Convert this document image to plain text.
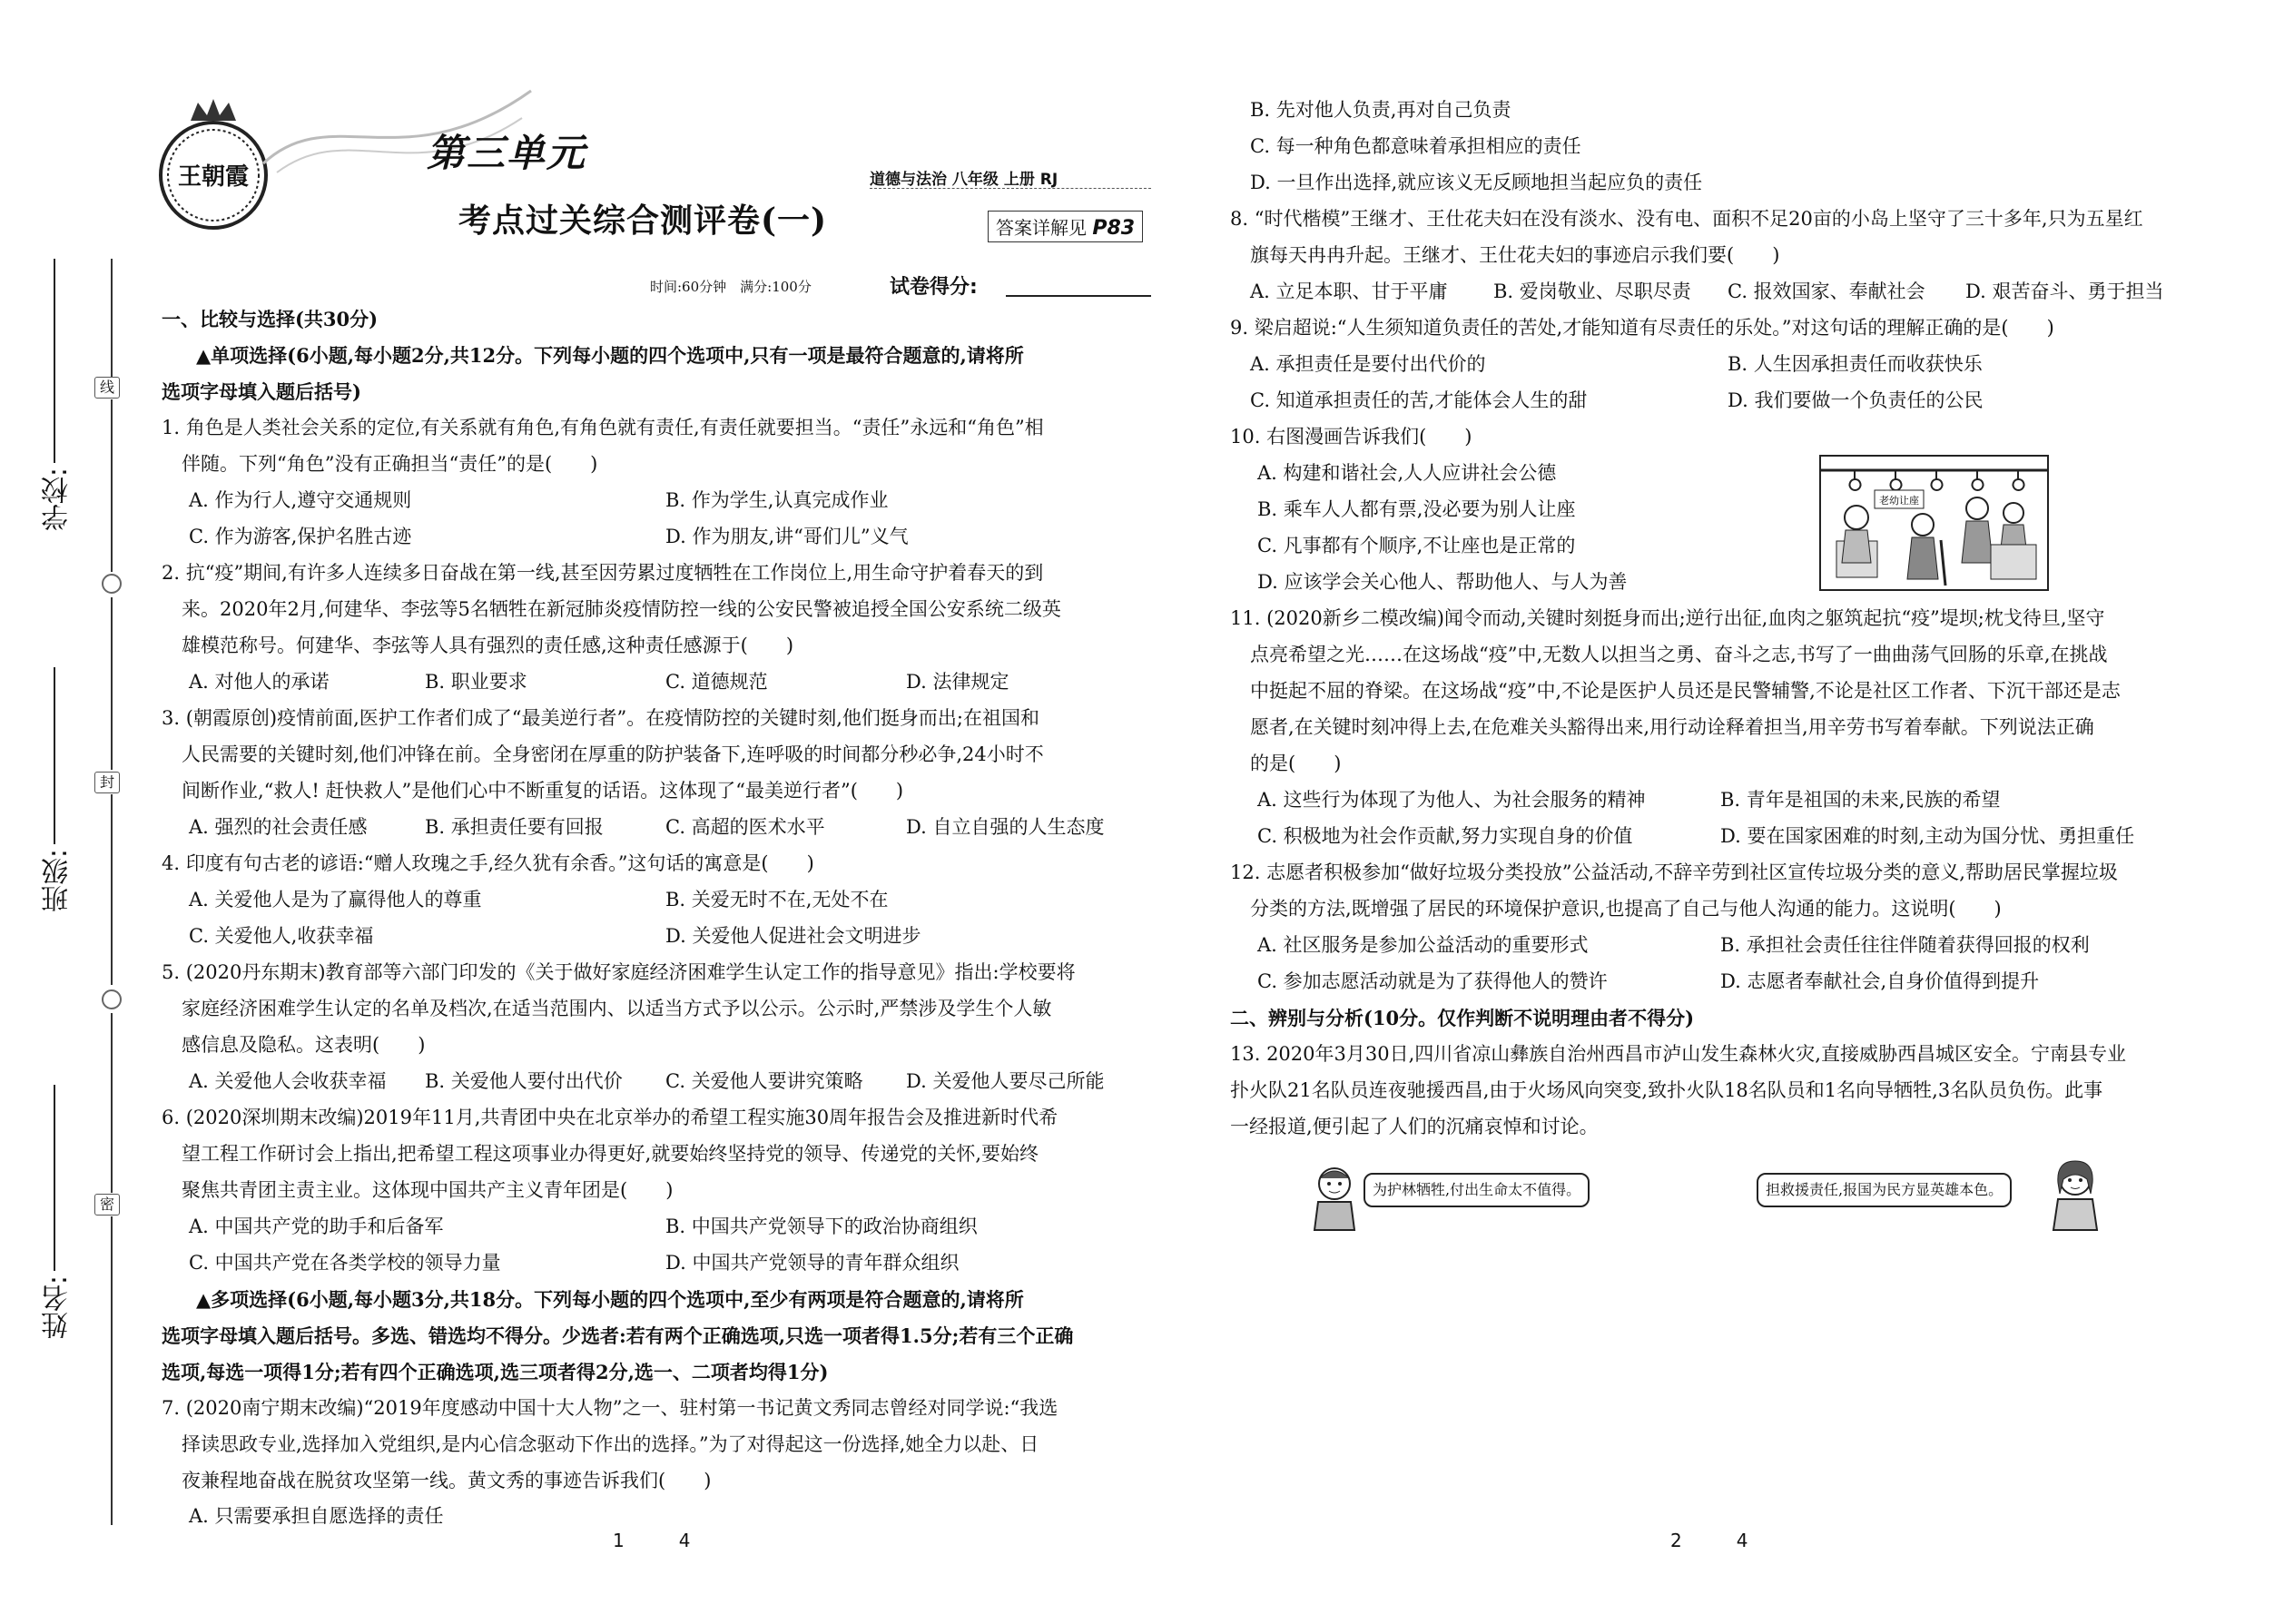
线
封
密
学校:
班级:
姓名:
王朝霞
第三单元
道德与法治 八年级 上册 RJ
考点过关综合测评卷(一)	答案详解见 P83
时间:60分钟　满分:100分	试卷得分:
一、比较与选择(共30分)
▲单项选择(6小题,每小题2分,共12分。下列每小题的四个选项中,只有一项是最符合题意的,请将所
选项字母填入题后括号)
1. 角色是人类社会关系的定位,有关系就有角色,有角色就有责任,有责任就要担当。“责任”永远和“角色”相
伴随。下列“角色”没有正确担当“责任”的是(　　)
A. 作为行人,遵守交通规则	B. 作为学生,认真完成作业
C. 作为游客,保护名胜古迹	D. 作为朋友,讲“哥们儿”义气
2. 抗“疫”期间,有许多人连续多日奋战在第一线,甚至因劳累过度牺牲在工作岗位上,用生命守护着春天的到
来。2020年2月,何建华、李弦等5名牺牲在新冠肺炎疫情防控一线的公安民警被追授全国公安系统二级英
雄模范称号。何建华、李弦等人具有强烈的责任感,这种责任感源于(　　)
A. 对他人的承诺	B. 职业要求	C. 道德规范	D. 法律规定
3. (朝霞原创)疫情前面,医护工作者们成了“最美逆行者”。在疫情防控的关键时刻,他们挺身而出;在祖国和
人民需要的关键时刻,他们冲锋在前。全身密闭在厚重的防护装备下,连呼吸的时间都分秒必争,24小时不
间断作业,“救人! 赶快救人”是他们心中不断重复的话语。这体现了“最美逆行者”(　　)
A. 强烈的社会责任感	B. 承担责任要有回报	C. 高超的医术水平	D. 自立自强的人生态度
4. 印度有句古老的谚语:“赠人玫瑰之手,经久犹有余香。”这句话的寓意是(　　)
A. 关爱他人是为了赢得他人的尊重	B. 关爱无时不在,无处不在
C. 关爱他人,收获幸福	D. 关爱他人促进社会文明进步
5. (2020丹东期末)教育部等六部门印发的《关于做好家庭经济困难学生认定工作的指导意见》指出:学校要将
家庭经济困难学生认定的名单及档次,在适当范围内、以适当方式予以公示。公示时,严禁涉及学生个人敏
感信息及隐私。这表明(　　)
A. 关爱他人会收获幸福 B. 关爱他人要付出代价 C. 关爱他人要讲究策略 D. 关爱他人要尽己所能
6. (2020深圳期末改编)2019年11月,共青团中央在北京举办的希望工程实施30周年报告会及推进新时代希
望工程工作研讨会上指出,把希望工程这项事业办得更好,就要始终坚持党的领导、传递党的关怀,要始终
聚焦共青团主责主业。这体现中国共产主义青年团是(　　)
A. 中国共产党的助手和后备军	B. 中国共产党领导下的政治协商组织
C. 中国共产党在各类学校的领导力量	D. 中国共产党领导的青年群众组织
▲多项选择(6小题,每小题3分,共18分。下列每小题的四个选项中,至少有两项是符合题意的,请将所
选项字母填入题后括号。多选、错选均不得分。少选者:若有两个正确选项,只选一项者得1.5分;若有三个正确
选项,每选一项得1分;若有四个正确选项,选三项者得2分,选一、二项者均得1分)
7. (2020南宁期末改编)“2019年度感动中国十大人物”之一、驻村第一书记黄文秀同志曾经对同学说:“我选
择读思政专业,选择加入党组织,是内心信念驱动下作出的选择。”为了对得起这一份选择,她全力以赴、日
夜兼程地奋战在脱贫攻坚第一线。黄文秀的事迹告诉我们(　　)
A. 只需要承担自愿选择的责任
1　　　4
B. 先对他人负责,再对自己负责
C. 每一种角色都意味着承担相应的责任
D. 一旦作出选择,就应该义无反顾地担当起应负的责任
8. “时代楷模”王继才、王仕花夫妇在没有淡水、没有电、面积不足20亩的小岛上坚守了三十多年,只为五星红
旗每天冉冉升起。王继才、王仕花夫妇的事迹启示我们要(　　)
A. 立足本职、甘于平庸 B. 爱岗敬业、尽职尽责 C. 报效国家、奉献社会 D. 艰苦奋斗、勇于担当
9. 梁启超说:“人生须知道负责任的苦处,才能知道有尽责任的乐处。”对这句话的理解正确的是(　　)
A. 承担责任是要付出代价的	B. 人生因承担责任而收获快乐
C. 知道承担责任的苦,才能体会人生的甜	D. 我们要做一个负责任的公民
10. 右图漫画告诉我们(　　)
A. 构建和谐社会,人人应讲社会公德
B. 乘车人人都有票,没必要为别人让座
C. 凡事都有个顺序,不让座也是正常的
D. 应该学会关心他人、帮助他人、与人为善
11. (2020新乡二模改编)闻令而动,关键时刻挺身而出;逆行出征,血肉之躯筑起抗“疫”堤坝;枕戈待旦,坚守
点亮希望之光……在这场战“疫”中,无数人以担当之勇、奋斗之志,书写了一曲曲荡气回肠的乐章,在挑战
中挺起不屈的脊梁。在这场战“疫”中,不论是医护人员还是民警辅警,不论是社区工作者、下沉干部还是志
愿者,在关键时刻冲得上去,在危难关头豁得出来,用行动诠释着担当,用辛劳书写着奉献。下列说法正确
的是(　　)
A. 这些行为体现了为他人、为社会服务的精神	B. 青年是祖国的未来,民族的希望
C. 积极地为社会作贡献,努力实现自身的价值	D. 要在国家困难的时刻,主动为国分忧、勇担重任
12. 志愿者积极参加“做好垃圾分类投放”公益活动,不辞辛劳到社区宣传垃圾分类的意义,帮助居民掌握垃圾
分类的方法,既增强了居民的环境保护意识,也提高了自己与他人沟通的能力。这说明(　　)
A. 社区服务是参加公益活动的重要形式	B. 承担社会责任往往伴随着获得回报的权利
C. 参加志愿活动就是为了获得他人的赞许	D. 志愿者奉献社会,自身价值得到提升
二、辨别与分析(10分。仅作判断不说明理由者不得分)
13. 2020年3月30日,四川省凉山彝族自治州西昌市泸山发生森林火灾,直接威胁西昌城区安全。宁南县专业
扑火队21名队员连夜驰援西昌,由于火场风向突变,致扑火队18名队员和1名向导牺牲,3名队员负伤。此事
一经报道,便引起了人们的沉痛哀悼和讨论。
老幼让座
为护林牺牲,付出生命太不值得。	担救援责任,报国为民方显英雄本色。
2　　　4
